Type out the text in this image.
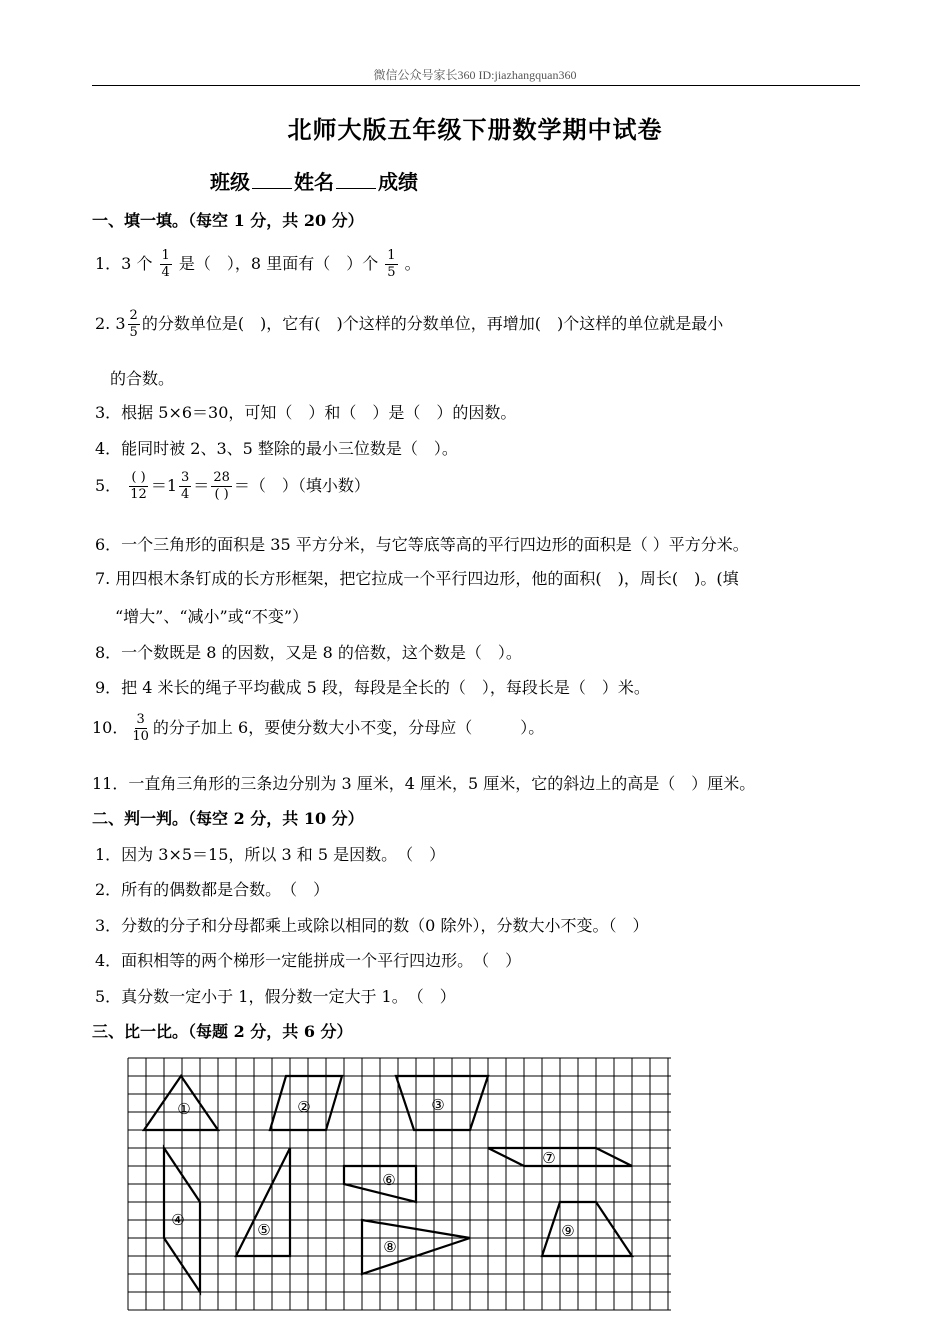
微信公众号家长360 ID:jiazhangquan360
北师大版五年级下册数学期中试卷
班级 姓名 成绩
一、填一填。（每空 1 分，共 20 分）
1．3 个 $\frac{1}{4}$ 是（　），8 里面有（　）个 $\frac{1}{5}$ 。
2. $3 \frac{2}{5}$ 的分数单位是(　)，它有(　)个这样的分数单位，再增加(　)个这样的单位就是最小
的合数。
3．根据 5×6＝30，可知（　）和（　）是（　）的因数。
4．能同时被 2、3、5 整除的最小三位数是（　）。
5． $\frac{( )}{12} =1 \frac{3}{4} = \frac{28}{( )}$ ＝（　）（填小数）
6．一个三角形的面积是 35 平方分米，与它等底等高的平行四边形的面积是（ ）平方分米。
7. 用四根木条钉成的长方形框架，把它拉成一个平行四边形，他的面积(　)，周长(　)。(填
“增大”、“减小”或“不变”）
8．一个数既是 8 的因数，又是 8 的倍数，这个数是（　）。
9．把 4 米长的绳子平均截成 5 段，每段是全长的（　），每段长是（　）米。
10． $\frac{3}{10}$ 的分子加上 6，要使分数大小不变，分母应（　　　）。
11．一直角三角形的三条边分别为 3 厘米，4 厘米，5 厘米，它的斜边上的高是（　）厘米。
二、判一判。（每空 2 分，共 10 分）
1．因为 3×5＝15，所以 3 和 5 是因数。　（　）
2．所有的偶数都是合数。　（　）
3．分数的分子和分母都乘上或除以相同的数（0 除外），分数大小不变。（　）
4．面积相等的两个梯形一定能拼成一个平行四边形。　（　）
5．真分数一定小于 1，假分数一定大于 1。　（　）
三、比一比。（每题 2 分，共 6 分）
①	②	③
④
⑤
⑥
⑦
⑧
⑨
